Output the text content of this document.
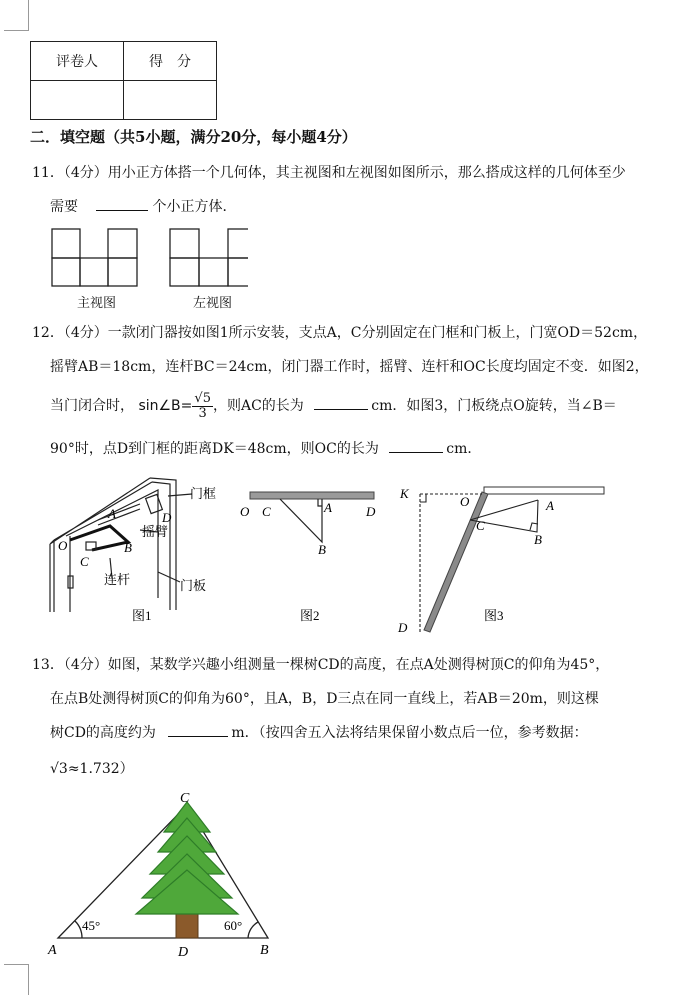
评卷人	得　分

二．填空题（共5小题，满分20分，每小题4分）
11．（4分）用小正方体搭一个几何体，其主视图和左视图如图所示，那么搭成这样的几何体至少
需要	个小正方体．
主视图	左视图
12．（4分）一款闭门器按如图1所示安装，支点A，C分别固定在门框和门板上，门宽OD＝52cm，
摇臂AB＝18cm，连杆BC＝24cm，闭门器工作时，摇臂、连杆和OC长度均固定不变．如图2，
当门闭合时， sin∠B= $\frac{√5}{3}$ ，则AC的长为	cm．如图3，门板绕点O旋转，当∠B＝
90°时，点D到门框的距离DK＝48cm，则OC的长为	cm．
门框
摇臂
连杆	门板
A	D
O	B
C
图1
O C	A	D
B
图2
K
O	A
C
B
D
图3
13．（4分）如图，某数学兴趣小组测量一棵树CD的高度，在点A处测得树顶C的仰角为45°，
在点B处测得树顶C的仰角为60°，且A，B，D三点在同一直线上，若AB＝20m，则这棵
树CD的高度约为	m．（按四舍五入法将结果保留小数点后一位，参考数据：
√3≈1.732）
C
A	D	B
45°	60°
